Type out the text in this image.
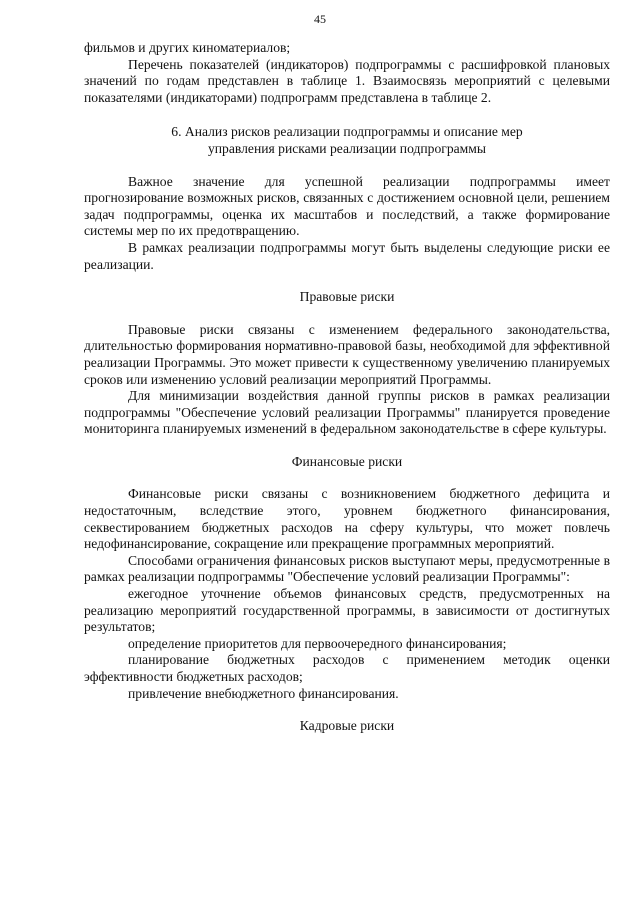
45

фильмов и других киноматериалов;

Перечень показателей (индикаторов) подпрограммы с расшифровкой плановых значений по годам представлен в таблице 1. Взаимосвязь мероприятий с целевыми показателями (индикаторами) подпрограмм представлена в таблице 2.

6. Анализ рисков реализации подпрограммы и описание мер управления рисками реализации подпрограммы

Важное значение для успешной реализации подпрограммы имеет прогнозирование возможных рисков, связанных с достижением основной цели, решением задач подпрограммы, оценка их масштабов и последствий, а также формирование системы мер по их предотвращению.

В рамках реализации подпрограммы могут быть выделены следующие риски ее реализации.

Правовые риски

Правовые риски связаны с изменением федерального законодательства, длительностью формирования нормативно-правовой базы, необходимой для эффективной реализации Программы. Это может привести к существенному увеличению планируемых сроков или изменению условий реализации мероприятий Программы.

Для минимизации воздействия данной группы рисков в рамках реализации подпрограммы "Обеспечение условий реализации Программы" планируется проведение мониторинга планируемых изменений в федеральном законодательстве в сфере культуры.

Финансовые риски

Финансовые риски связаны с возникновением бюджетного дефицита и недостаточным, вследствие этого, уровнем бюджетного финансирования, секвестированием бюджетных расходов на сферу культуры, что может повлечь недофинансирование, сокращение или прекращение программных мероприятий.

Способами ограничения финансовых рисков выступают меры, предусмотренные в рамках реализации подпрограммы "Обеспечение условий реализации Программы":

ежегодное уточнение объемов финансовых средств, предусмотренных на реализацию мероприятий государственной программы, в зависимости от достигнутых результатов;

определение приоритетов для первоочередного финансирования;

планирование бюджетных расходов с применением методик оценки эффективности бюджетных расходов;

привлечение внебюджетного финансирования.

Кадровые риски
